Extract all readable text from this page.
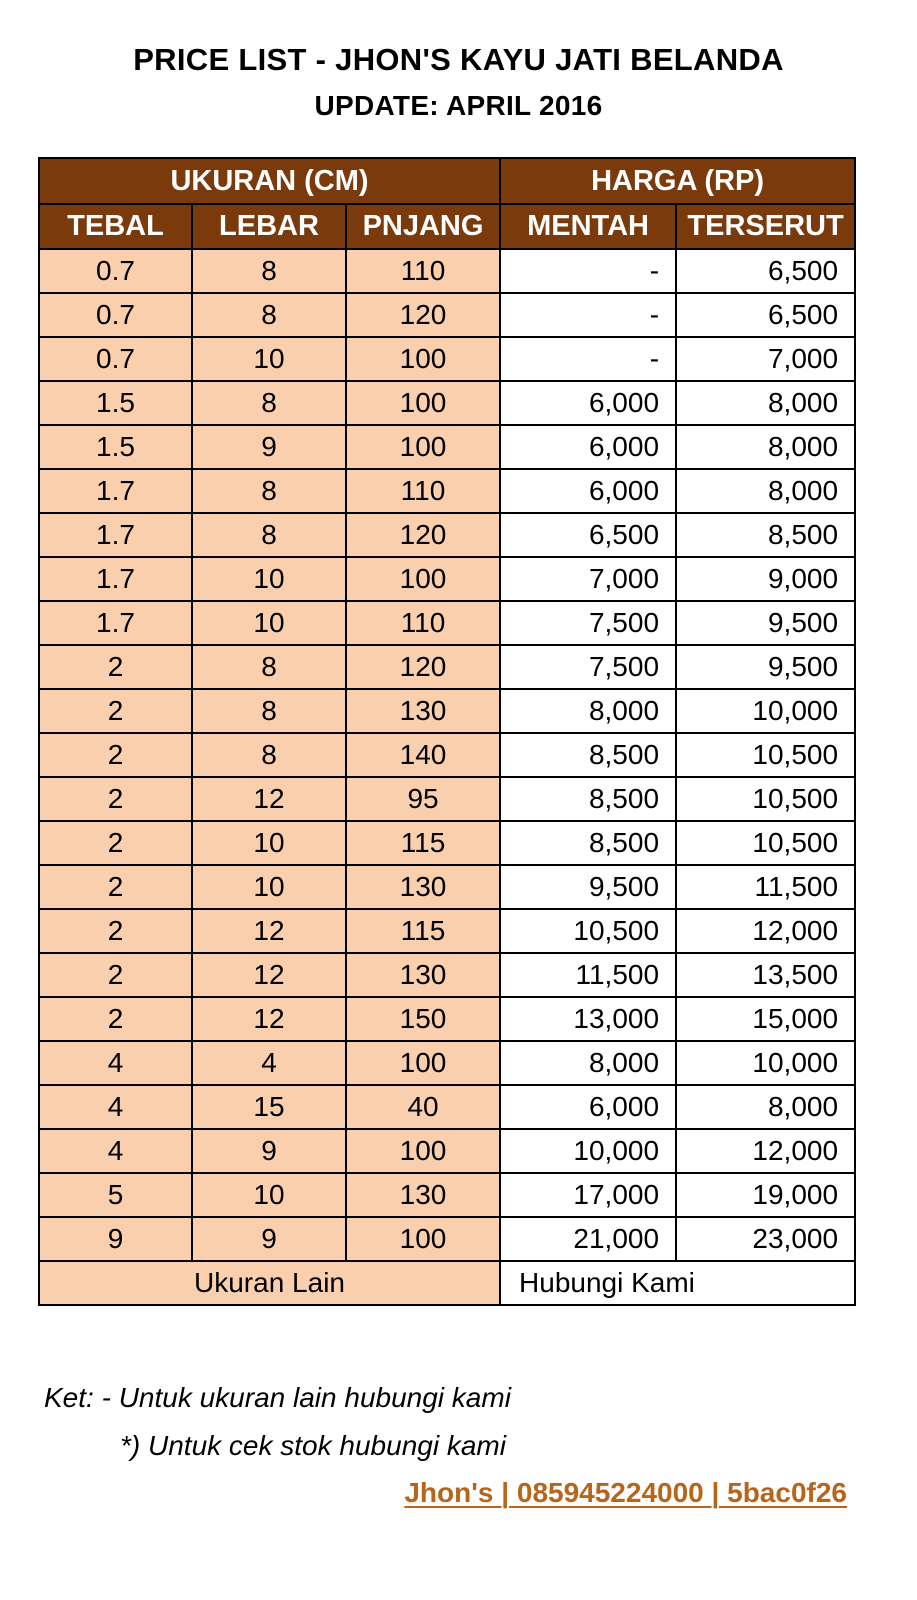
PRICE LIST - JHON'S KAYU JATI BELANDA
UPDATE: APRIL 2016
UKURAN (CM)			HARGA (RP)	
TEBAL	LEBAR	PNJANG	MENTAH	TERSERUT
0.7	8	110	-	6,500
0.7	8	120	-	6,500
0.7	10	100	-	7,000
1.5	8	100	6,000	8,000
1.5	9	100	6,000	8,000
1.7	8	110	6,000	8,000
1.7	8	120	6,500	8,500
1.7	10	100	7,000	9,000
1.7	10	110	7,500	9,500
2	8	120	7,500	9,500
2	8	130	8,000	10,000
2	8	140	8,500	10,500
2	12	95	8,500	10,500
2	10	115	8,500	10,500
2	10	130	9,500	11,500
2	12	115	10,500	12,000
2	12	130	11,500	13,500
2	12	150	13,000	15,000
4	4	100	8,000	10,000
4	15	40	6,000	8,000
4	9	100	10,000	12,000
5	10	130	17,000	19,000
9	9	100	21,000	23,000
Ukuran Lain			Hubungi Kami	
Ket: - Untuk ukuran lain hubungi kami
*) Untuk cek stok hubungi kami
Jhon's | 085945224000 | 5bac0f26
